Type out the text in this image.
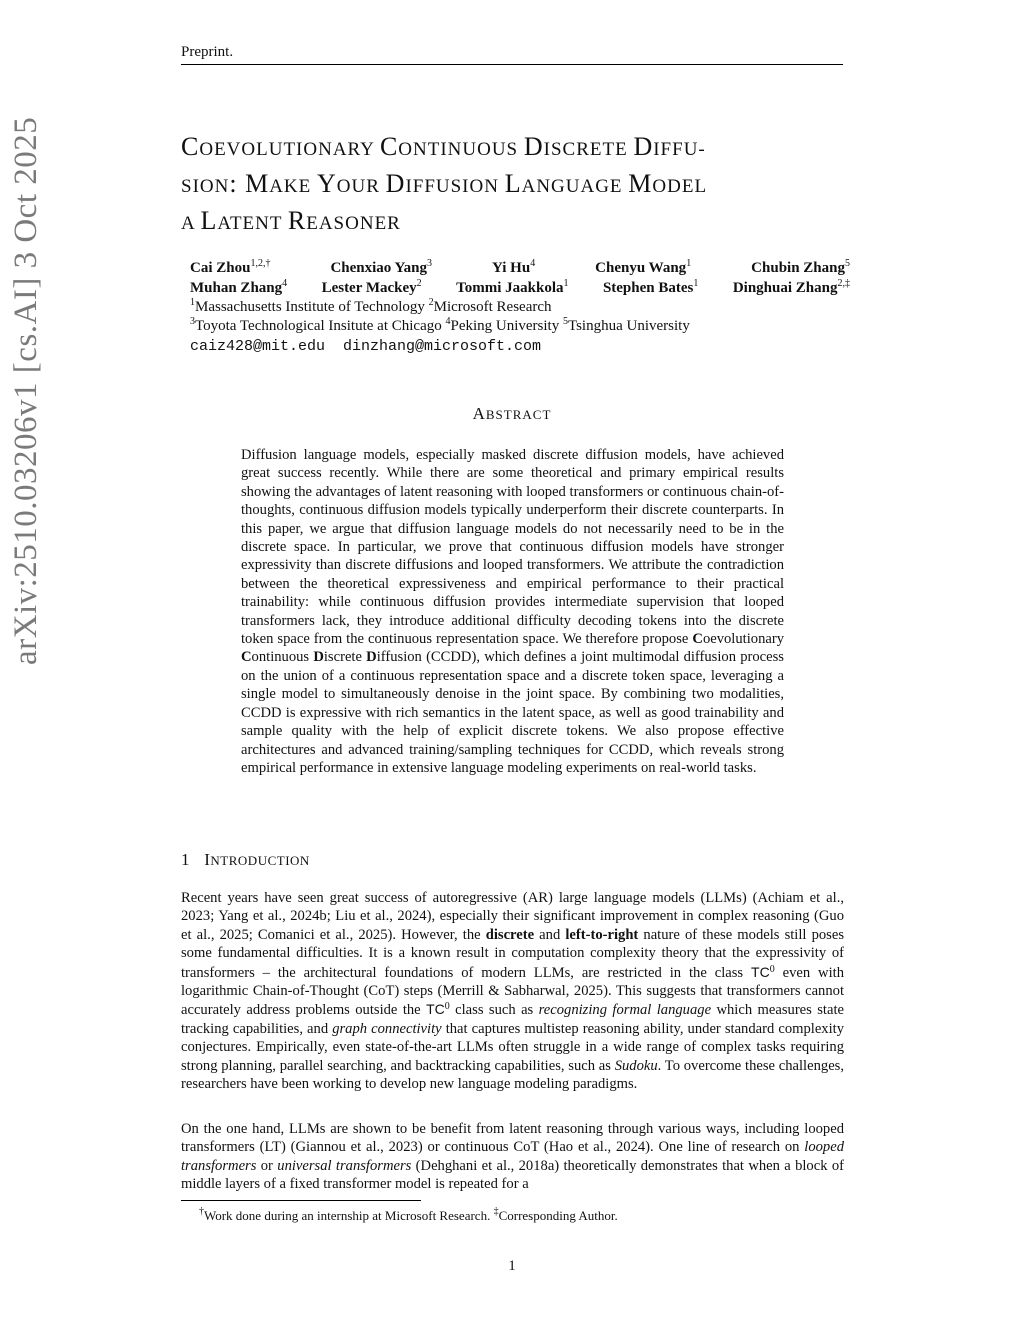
Preprint.
arXiv:2510.03206v1 [cs.AI] 3 Oct 2025	COEVOLUTIONARY CONTINUOUS DISCRETE DIFFU-
SION: MAKE YOUR DIFFUSION LANGUAGE MODEL
A LATENT REASONER
Cai Zhou$^{1,2,\dagger}$	Chenxiao Yang$^3$	Yi Hu$^4$	Chenyu Wang$^1$	Chubin Zhang$^5$
Muhan Zhang$^4$ Lester Mackey$^2$ Tommi Jaakkola$^1$ Stephen Bates$^1$ Dinghuai Zhang$^{2,\ddagger}$
$^1$Massachusetts Institute of Technology $^2$Microsoft Research
$^3$Toyota Technological Insitute at Chicago $^4$Peking University $^5$Tsinghua University
caiz428@mit.edu  dinzhang@microsoft.com
ABSTRACT
Diffusion language models, especially masked discrete diffusion models, have achieved great success recently. While there are some theoretical and primary empirical results showing the advantages of latent reasoning with looped transformers or continuous chain-of-thoughts, continuous diffusion models typically underperform their discrete counterparts. In this paper, we argue that diffusion language models do not necessarily need to be in the discrete space. In particular, we prove that continuous diffusion models have stronger expressivity than discrete diffusions and looped transformers. We attribute the contradiction between the theoretical expressiveness and empirical performance to their practical trainability: while continuous diffusion provides intermediate supervision that looped transformers lack, they introduce additional difficulty decoding tokens into the discrete token space from the continuous representation space. We therefore propose Coevolutionary Continuous Discrete Diffusion (CCDD), which defines a joint multimodal diffusion process on the union of a continuous representation space and a discrete token space, leveraging a single model to simultaneously denoise in the joint space. By combining two modalities, CCDD is expressive with rich semantics in the latent space, as well as good trainability and sample quality with the help of explicit discrete tokens. We also propose effective architectures and advanced training/sampling techniques for CCDD, which reveals strong empirical performance in extensive language modeling experiments on real-world tasks.
1 INTRODUCTION
Recent years have seen great success of autoregressive (AR) large language models (LLMs) (Achiam et al., 2023; Yang et al., 2024b; Liu et al., 2024), especially their significant improvement in complex reasoning (Guo et al., 2025; Comanici et al., 2025). However, the discrete and left-to-right nature of these models still poses some fundamental difficulties. It is a known result in computation complexity theory that the expressivity of transformers – the architectural foundations of modern LLMs, are restricted in the class $TC^0$ even with logarithmic Chain-of-Thought (CoT) steps (Merrill & Sabharwal, 2025). This suggests that transformers cannot accurately address problems outside the $TC^0$ class such as recognizing formal language which measures state tracking capabilities, and graph connectivity that captures multistep reasoning ability, under standard complexity conjectures. Empirically, even state-of-the-art LLMs often struggle in a wide range of complex tasks requiring strong planning, parallel searching, and backtracking capabilities, such as Sudoku. To overcome these challenges, researchers have been working to develop new language modeling paradigms.
On the one hand, LLMs are shown to be benefit from latent reasoning through various ways, including looped transformers (LT) (Giannou et al., 2023) or continuous CoT (Hao et al., 2024). One line of research on looped transformers or universal transformers (Dehghani et al., 2018a) theoretically demonstrates that when a block of middle layers of a fixed transformer model is repeated for a
†Work done during an internship at Microsoft Research. ‡Corresponding Author.
1
